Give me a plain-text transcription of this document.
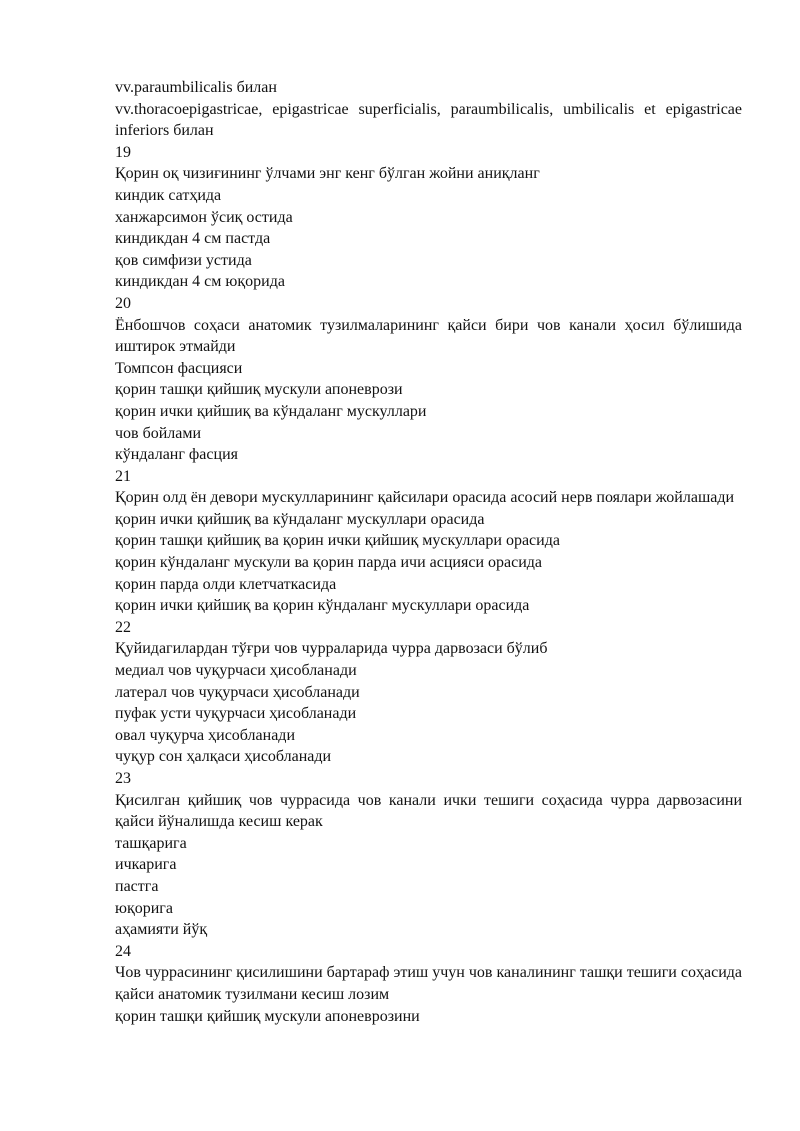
vv.paraumbilicalis билан
vv.thoracoepigastricae, epigastricae superficialis, paraumbilicalis, umbilicalis et epigastricae inferiors билан
19
Қорин оқ чизиғининг ўлчами энг кенг бўлган жойни аниқланг
киндик сатҳида
ханжарсимон ўсиқ остида
киндикдан 4 см пастда
қов симфизи устида
киндикдан 4 см юқорида
20
Ёнбошчов соҳаси анатомик тузилмаларининг қайси бири чов канали ҳосил бўлишида иштирок этмайди
Томпсон фасцияси
қорин ташқи қийшиқ мускули апоневрози
қорин ички қийшиқ ва кўндаланг мускуллари
чов бойлами
кўндаланг фасция
21
Қорин олд ён девори мускулларининг қайсилари орасида асосий нерв поялари жойлашади
қорин ички қийшиқ ва кўндаланг мускуллари орасида
қорин ташқи қийшиқ ва қорин ички қийшиқ мускуллари орасида
қорин кўндаланг мускули ва қорин парда ичи асцияси орасида
қорин парда олди клетчаткасида
қорин ички қийшиқ ва қорин кўндаланг мускуллари орасида
22
Қуйидагилардан тўғри чов чурраларида чурра дарвозаси бўлиб
медиал чов чуқурчаси ҳисобланади
латерал чов чуқурчаси ҳисобланади
пуфак усти чуқурчаси ҳисобланади
овал чуқурча ҳисобланади
чуқур сон ҳалқаси ҳисобланади
23
Қисилган қийшиқ чов чуррасида чов канали ички тешиги соҳасида чурра дарвозасини қайси йўналишда кесиш керак
ташқарига
ичкарига
пастга
юқорига
аҳамияти йўқ
24
Чов чуррасининг қисилишини бартараф этиш учун чов каналининг ташқи тешиги соҳасида қайси анатомик тузилмани кесиш лозим
қорин ташқи қийшиқ мускули апоневрозини
